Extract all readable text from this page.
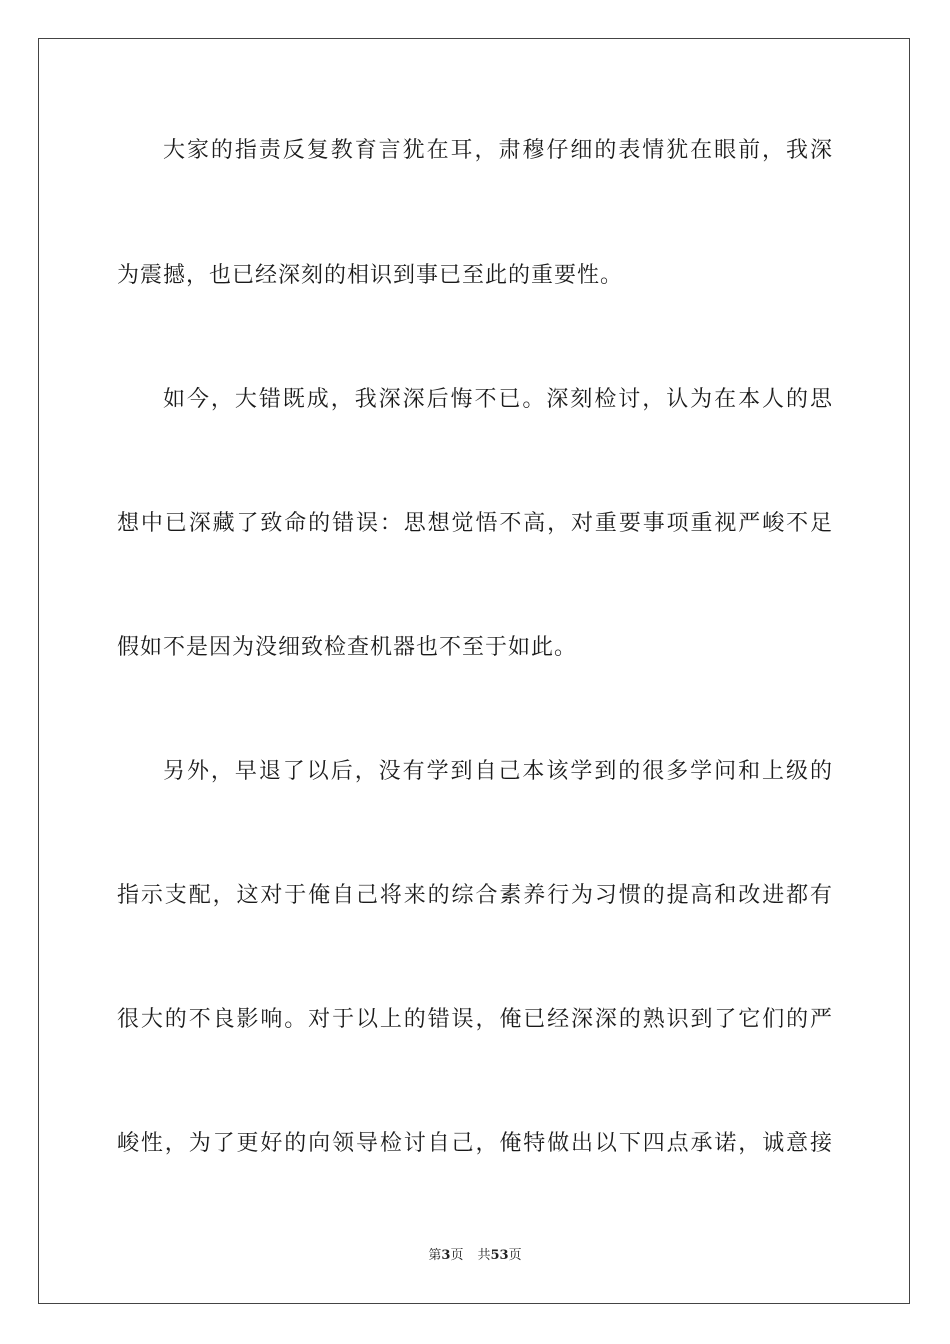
大家的指责反复教育言犹在耳，肃穆仔细的表情犹在眼前，我深
为震撼，也已经深刻的相识到事已至此的重要性。
如今，大错既成，我深深后悔不已。深刻检讨，认为在本人的思
想中已深藏了致命的错误：思想觉悟不高，对重要事项重视严峻不足
假如不是因为没细致检查机器也不至于如此。
另外，早退了以后，没有学到自己本该学到的很多学问和上级的
指示支配，这对于俺自己将来的综合素养行为习惯的提高和改进都有
很大的不良影响。对于以上的错误，俺已经深深的熟识到了它们的严
峻性，为了更好的向领导检讨自己，俺特做出以下四点承诺，诚意接
第3页 共53页
